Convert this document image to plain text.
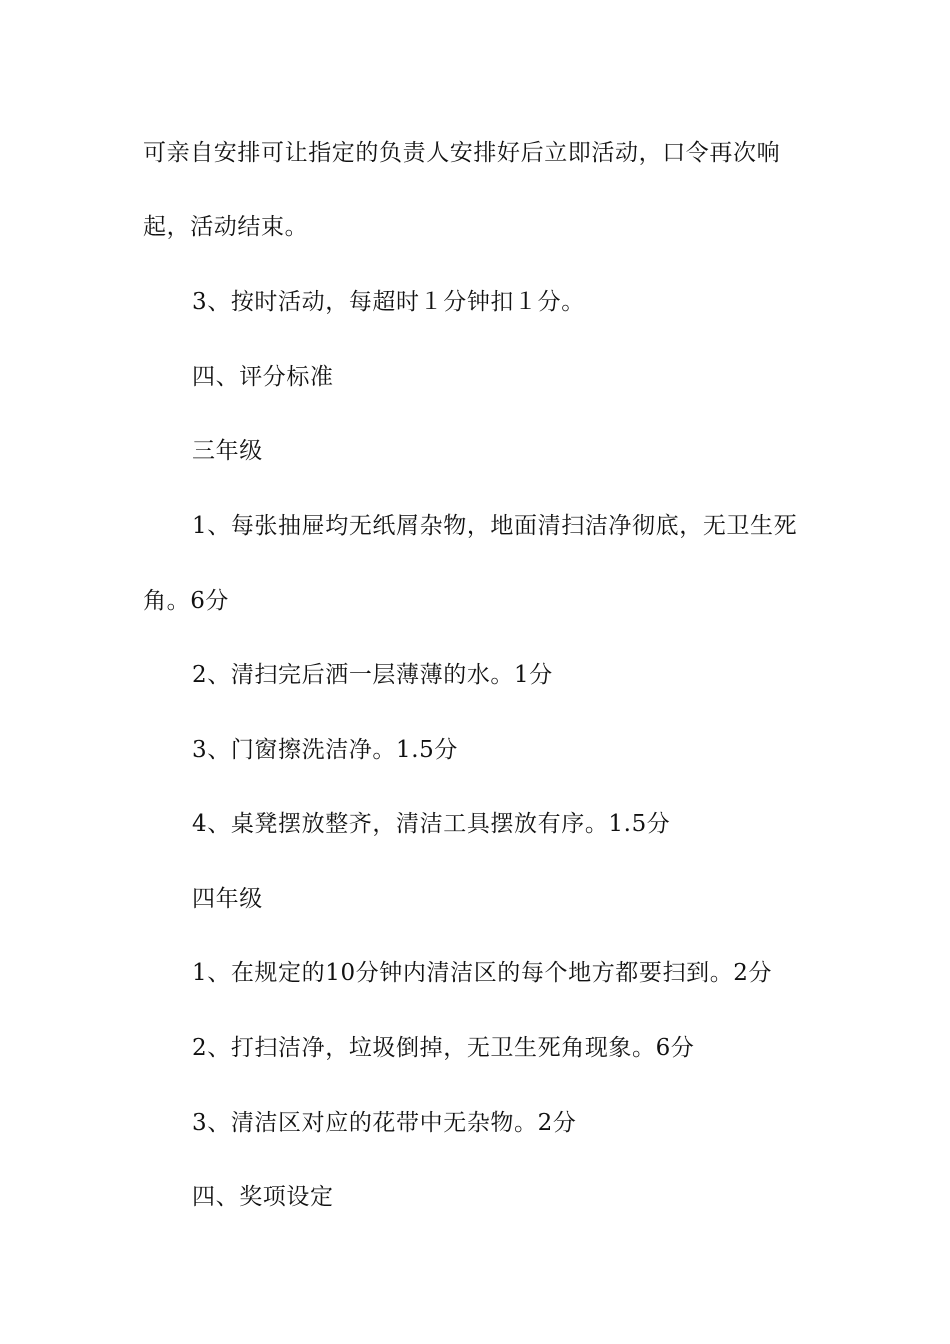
可亲自安排可让指定的负责人安排好后立即活动，口令再次响
起，活动结束。
3、按时活动，每超时１分钟扣１分。
四、评分标准
三年级
1、每张抽屉均无纸屑杂物，地面清扫洁净彻底，无卫生死
角。6分
2、清扫完后洒一层薄薄的水。1分
3、门窗擦洗洁净。1.5分
4、桌凳摆放整齐，清洁工具摆放有序。1.5分
四年级
1、在规定的10分钟内清洁区的每个地方都要扫到。2分
2、打扫洁净，垃圾倒掉，无卫生死角现象。6分
3、清洁区对应的花带中无杂物。2分
四、奖项设定
